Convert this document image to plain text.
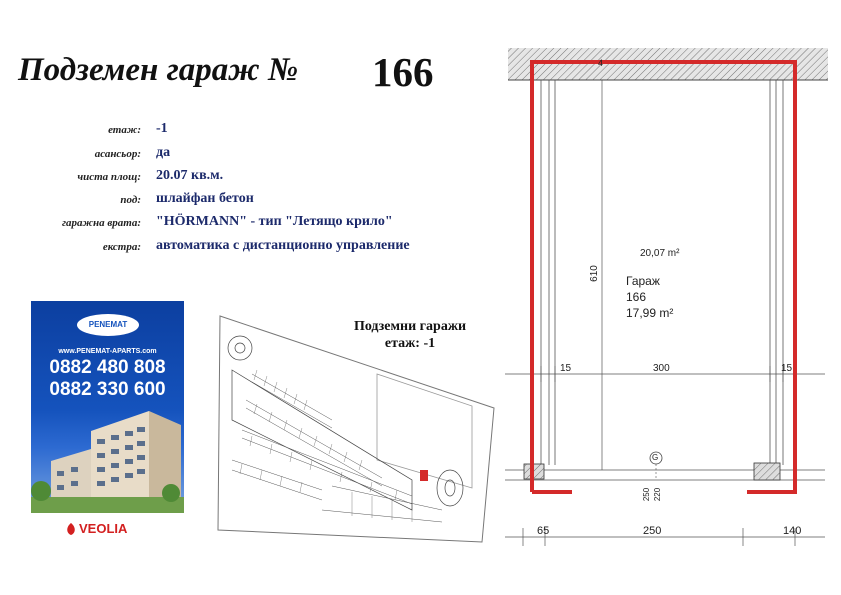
Подземен гараж № 166
етаж: -1
асансьор: да
чиста площ: 20.07 кв.м.
под: шлайфан бетон
гаражна врата: "HÖRMANN" - тип "Летящо крило"
екстра: автоматика с дистанционно управление
PENEMAT
www.PENEMAT-APARTS.com
0882 480 808
0882 330 600
VEOLIA
Подземни гаражи
етаж: -1
4
20,07 m²
Гараж
166
17,99 m²
610
15	300	15
G
250 220
65	250	140
